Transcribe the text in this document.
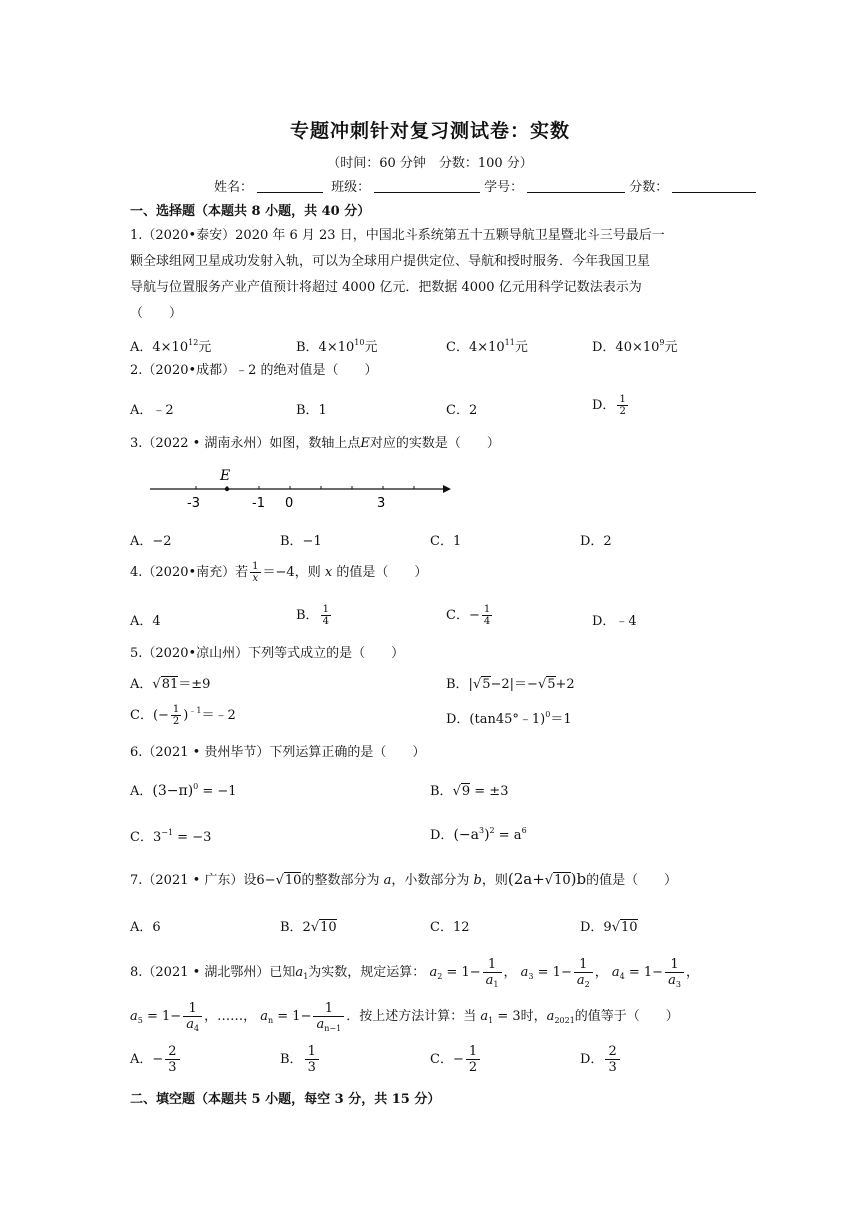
专题冲刺针对复习测试卷：实数
（时间：60 分钟　分数：100 分）
姓名：	班级：	学号：	分数：
一、选择题（本题共 8 小题，共 40 分）
1.（2020•泰安）2020 年 6 月 23 日，中国北斗系统第五十五颗导航卫星暨北斗三号最后一
颗全球组网卫星成功发射入轨，可以为全球用户提供定位、导航和授时服务．今年我国卫星
导航与位置服务产业产值预计将超过 4000 亿元．把数据 4000 亿元用科学记数法表示为
（　　）
A．$4\times 10^{12}$元	B．$4\times 10^{10}$元	C．$4\times 10^{11}$元	D．$40\times 10^9$元
2.（2020•成都）﹣2 的绝对值是（　　）
A．﹣2	B．1	C．2	D． $\frac{1}{2}$
3.（2022 • 湖南永州）如图，数轴上点E对应的实数是（　　）
E
-3	-1 0	3
A．−2	B．−1	C．1	D．2
4.（2020•南充）若 $\frac{1}{x} =-4$，则 x 的值是（　　）
A．4	B． $\frac{1}{4}$	C．− $\frac{1}{4}$	D．﹣4
5.（2020•凉山州）下列等式成立的是（　　）
A．√81＝±9	B．|√5−2|＝−√5+2
C．(− $\frac{1}{2}$ )$^{﹣1}$＝﹣2	D．(tan45°﹣1)$^0$＝1
6.（2021 • 贵州毕节）下列运算正确的是（　　）
A．$(3-\pi)^0 = -1$	B．√9 = ±3
C．$3^{-1} = -3$	D．$(-a^3)^2 = a^6$
7.（2021 • 广东）设6−√10的整数部分为 a，小数部分为 b，则(2a+√10)b的值是（　　）
A．6	B．2√10	C．12	D．9√10
8.（2021 • 湖北鄂州）已知$a_1$为实数，规定运算： $a_2 = 1- \frac{1}{a_1}$ ， $a_3 = 1- \frac{1}{a_2}$ ， $a_4 = 1- \frac{1}{a_3}$ ，
$a_5 = 1- \frac{1}{a_4}$ ，……， $a_n = 1- \frac{1}{a_{n-1}}$ ．按上述方法计算：当 $a_1 = 3$时，$a_{2021}$的值等于（　　）
A．− $\frac{2}{3}$	B． $\frac{1}{3}$	C．− $\frac{1}{2}$	D． $\frac{2}{3}$
二、填空题（本题共 5 小题，每空 3 分，共 15 分）
